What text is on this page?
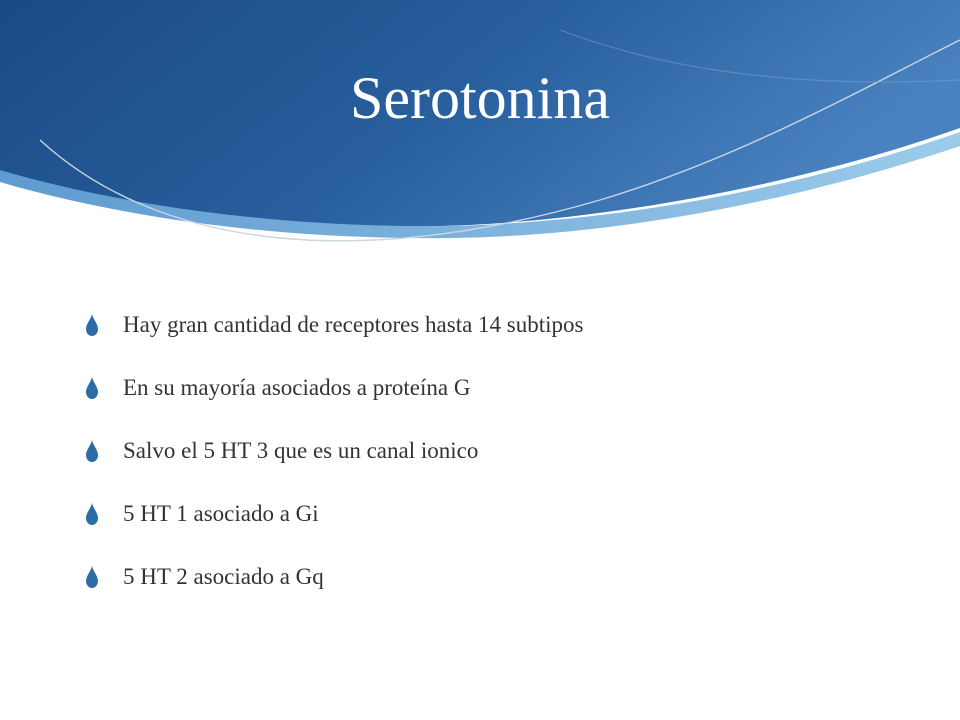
Serotonina
Hay gran cantidad de receptores hasta 14 subtipos
En su mayoría asociados a proteína G
Salvo el 5 HT 3 que es un canal ionico
5 HT 1 asociado a Gi
5 HT 2 asociado a Gq
